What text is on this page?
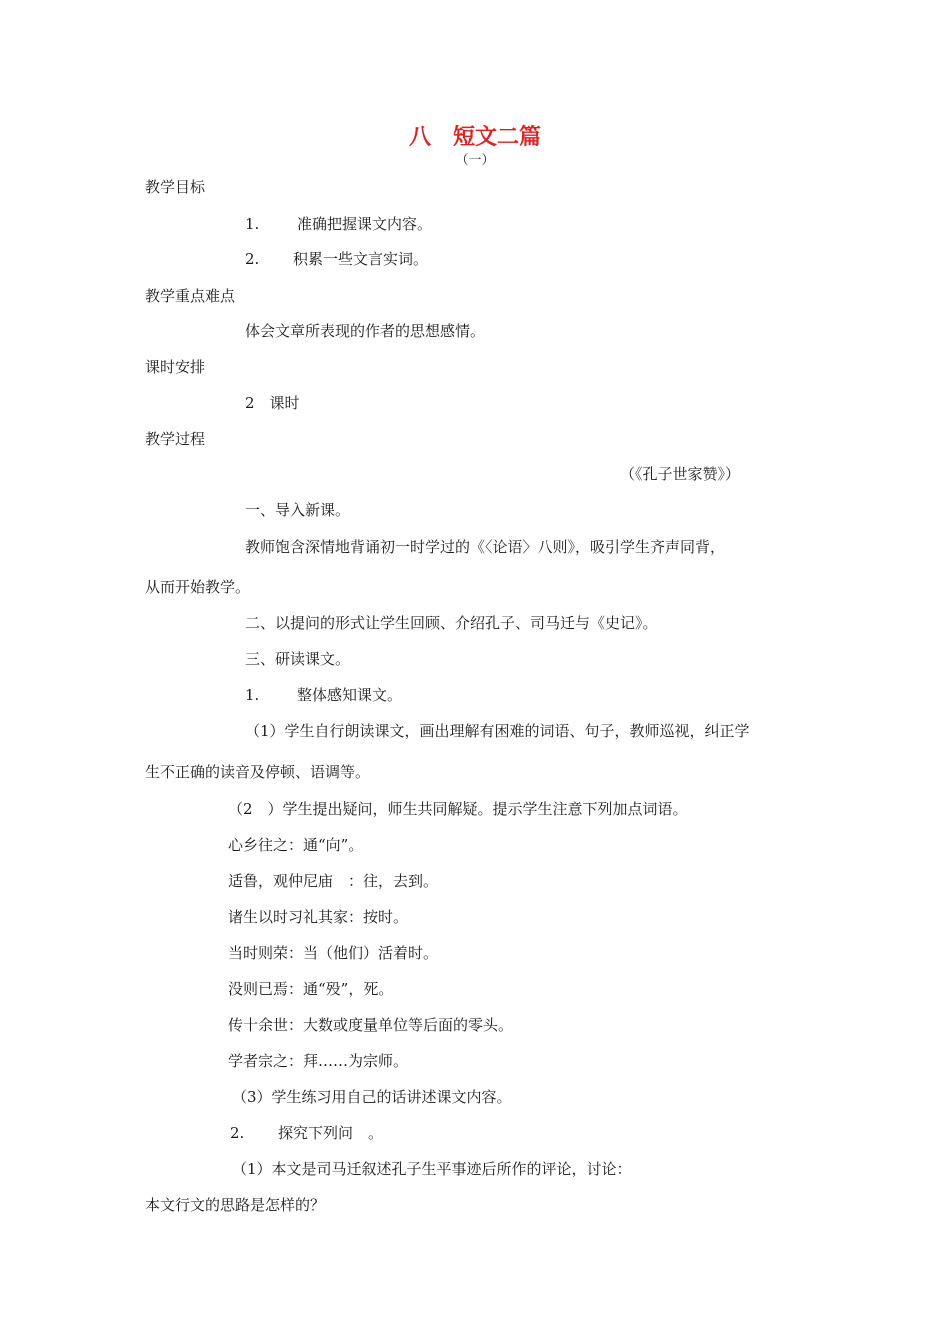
八　短文二篇
（一）

教学目标

1.	准确把握课文内容。

2. 积累一些文言实词。

教学重点难点

体会文章所表现的作者的思想感情。

课时安排

2　课时

教学过程

（《孔子世家赞》）

一、导入新课。

教师饱含深情地背诵初一时学过的《〈论语〉八则》，吸引学生齐声同背，

从而开始教学。

二、以提问的形式让学生回顾、介绍孔子、司马迁与《史记》。

三、研读课文。

1.	整体感知课文。

（1）学生自行朗读课文，画出理解有困难的词语、句子，教师巡视，纠正学

生不正确的读音及停顿、语调等。

（2　）学生提出疑问，师生共同解疑。提示学生注意下列加点词语。

心乡往之：通“向”。

适鲁，观仲尼庙　：往，去到。

诸生以时习礼其家：按时。

当时则荣：当（他们）活着时。

没则已焉：通“殁”，死。

传十余世：大数或度量单位等后面的零头。

学者宗之：拜……为宗师。

（3）学生练习用自己的话讲述课文内容。

2. 探究下列问　。

（1）本文是司马迁叙述孔子生平事迹后所作的评论，讨论：

本文行文的思路是怎样的？
